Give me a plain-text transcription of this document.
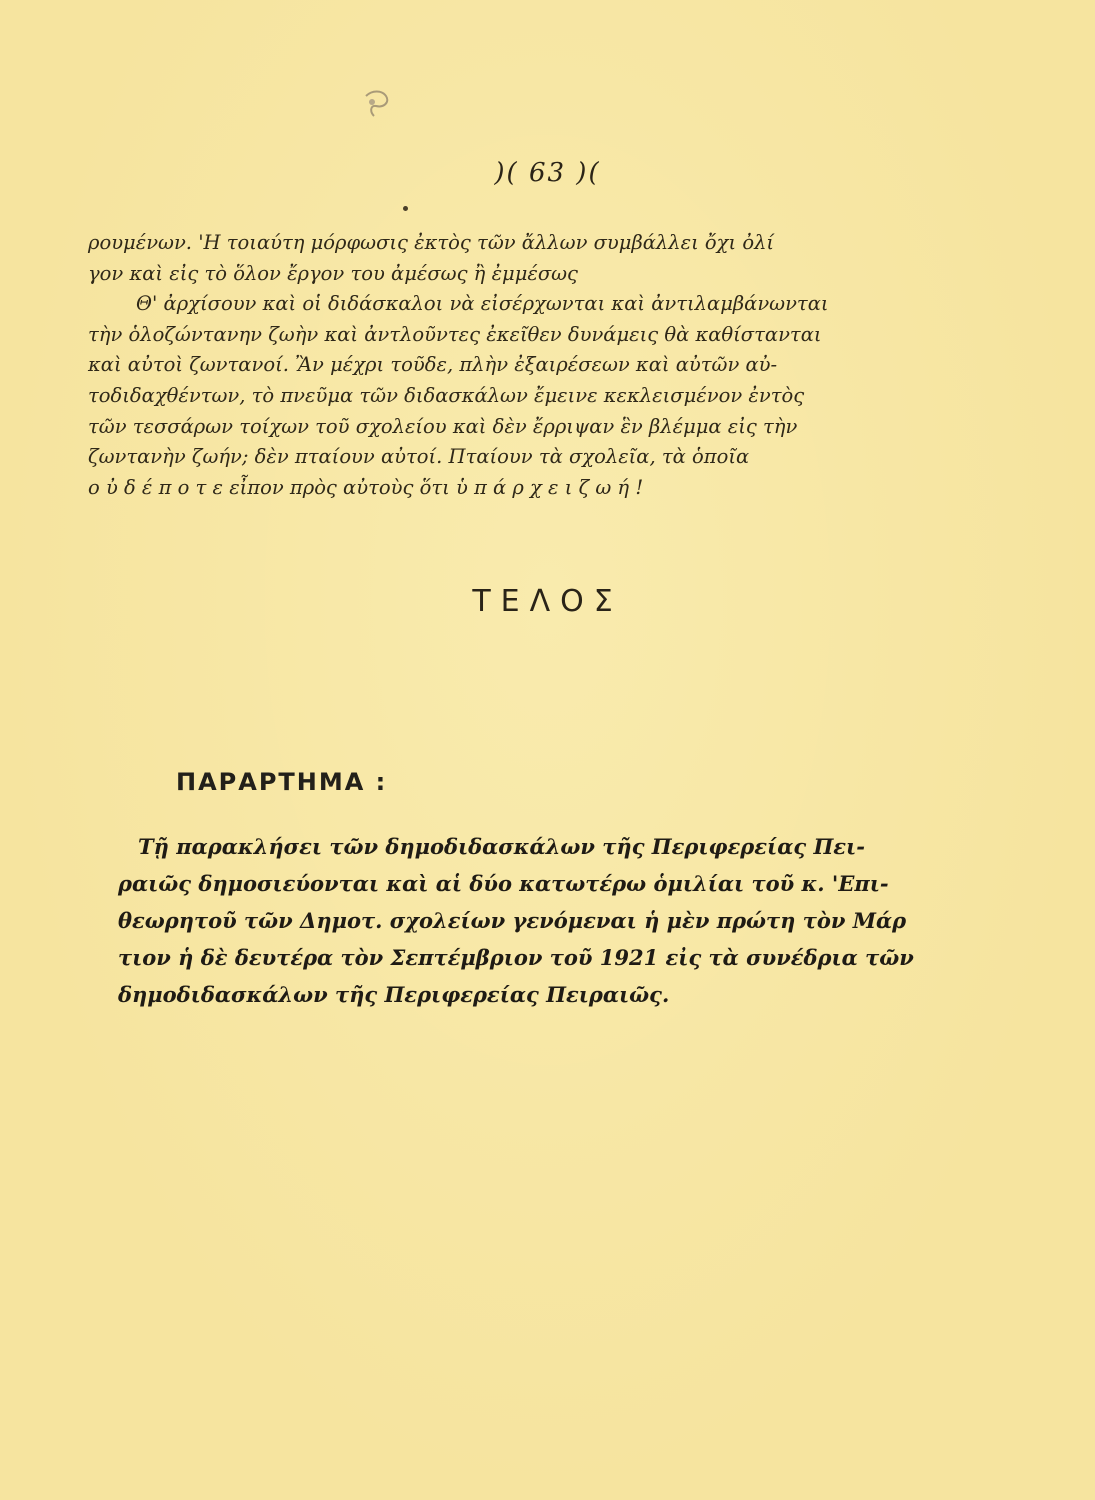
)( 63 )(
ρουμένων. 'Η τοιαύτη μόρφωσις ἐκτὸς τῶν ἄλλων συμβάλλει ὄχι ὀλί
γον καὶ εἰς τὸ ὅλον ἔργον του ἀμέσως ἢ ἐμμέσως
Θ' ἀρχίσουν καὶ οἱ διδάσκαλοι νὰ εἰσέρχωνται καὶ ἀντιλαμβάνωνται
τὴν ὁλοζώντανην ζωὴν καὶ ἀντλοῦντες ἐκεῖθεν δυνάμεις θὰ καθίστανται
καὶ αὐτοὶ ζωντανοί. Ἂν μέχρι τοῦδε, πλὴν ἐξαιρέσεων καὶ αὐτῶν αὐ-
τοδιδαχθέντων, τὸ πνεῦμα τῶν διδασκάλων ἔμεινε κεκλεισμένον ἐντὸς
τῶν τεσσάρων τοίχων τοῦ σχολείου καὶ δὲν ἔρριψαν ἓν βλέμμα εἰς τὴν
ζωντανὴν ζωήν; δὲν πταίουν αὐτοί. Πταίουν τὰ σχολεῖα, τὰ ὁποῖα
ο ὐ δ έ π ο τ ε εἶπον πρὸς αὐτοὺς ὅτι ὑ π ά ρ χ ε ι ζ ω ή !
ΤΕΛΟΣ
ΠΑΡΑΡΤΗΜΑ :
Τῇ παρακλήσει τῶν δημοδιδασκάλων τῆς Περιφερείας Πει-
ραιῶς δημοσιεύονται καὶ αἱ δύο κατωτέρω ὁμιλίαι τοῦ κ. 'Επι-
θεωρητοῦ τῶν Δημοτ. σχολείων γενόμεναι ἡ μὲν πρώτη τὸν Μάρ
τιον ἡ δὲ δευτέρα τὸν Σεπτέμβριον τοῦ 1921 εἰς τὰ συνέδρια τῶν
δημοδιδασκάλων τῆς Περιφερείας Πειραιῶς.
